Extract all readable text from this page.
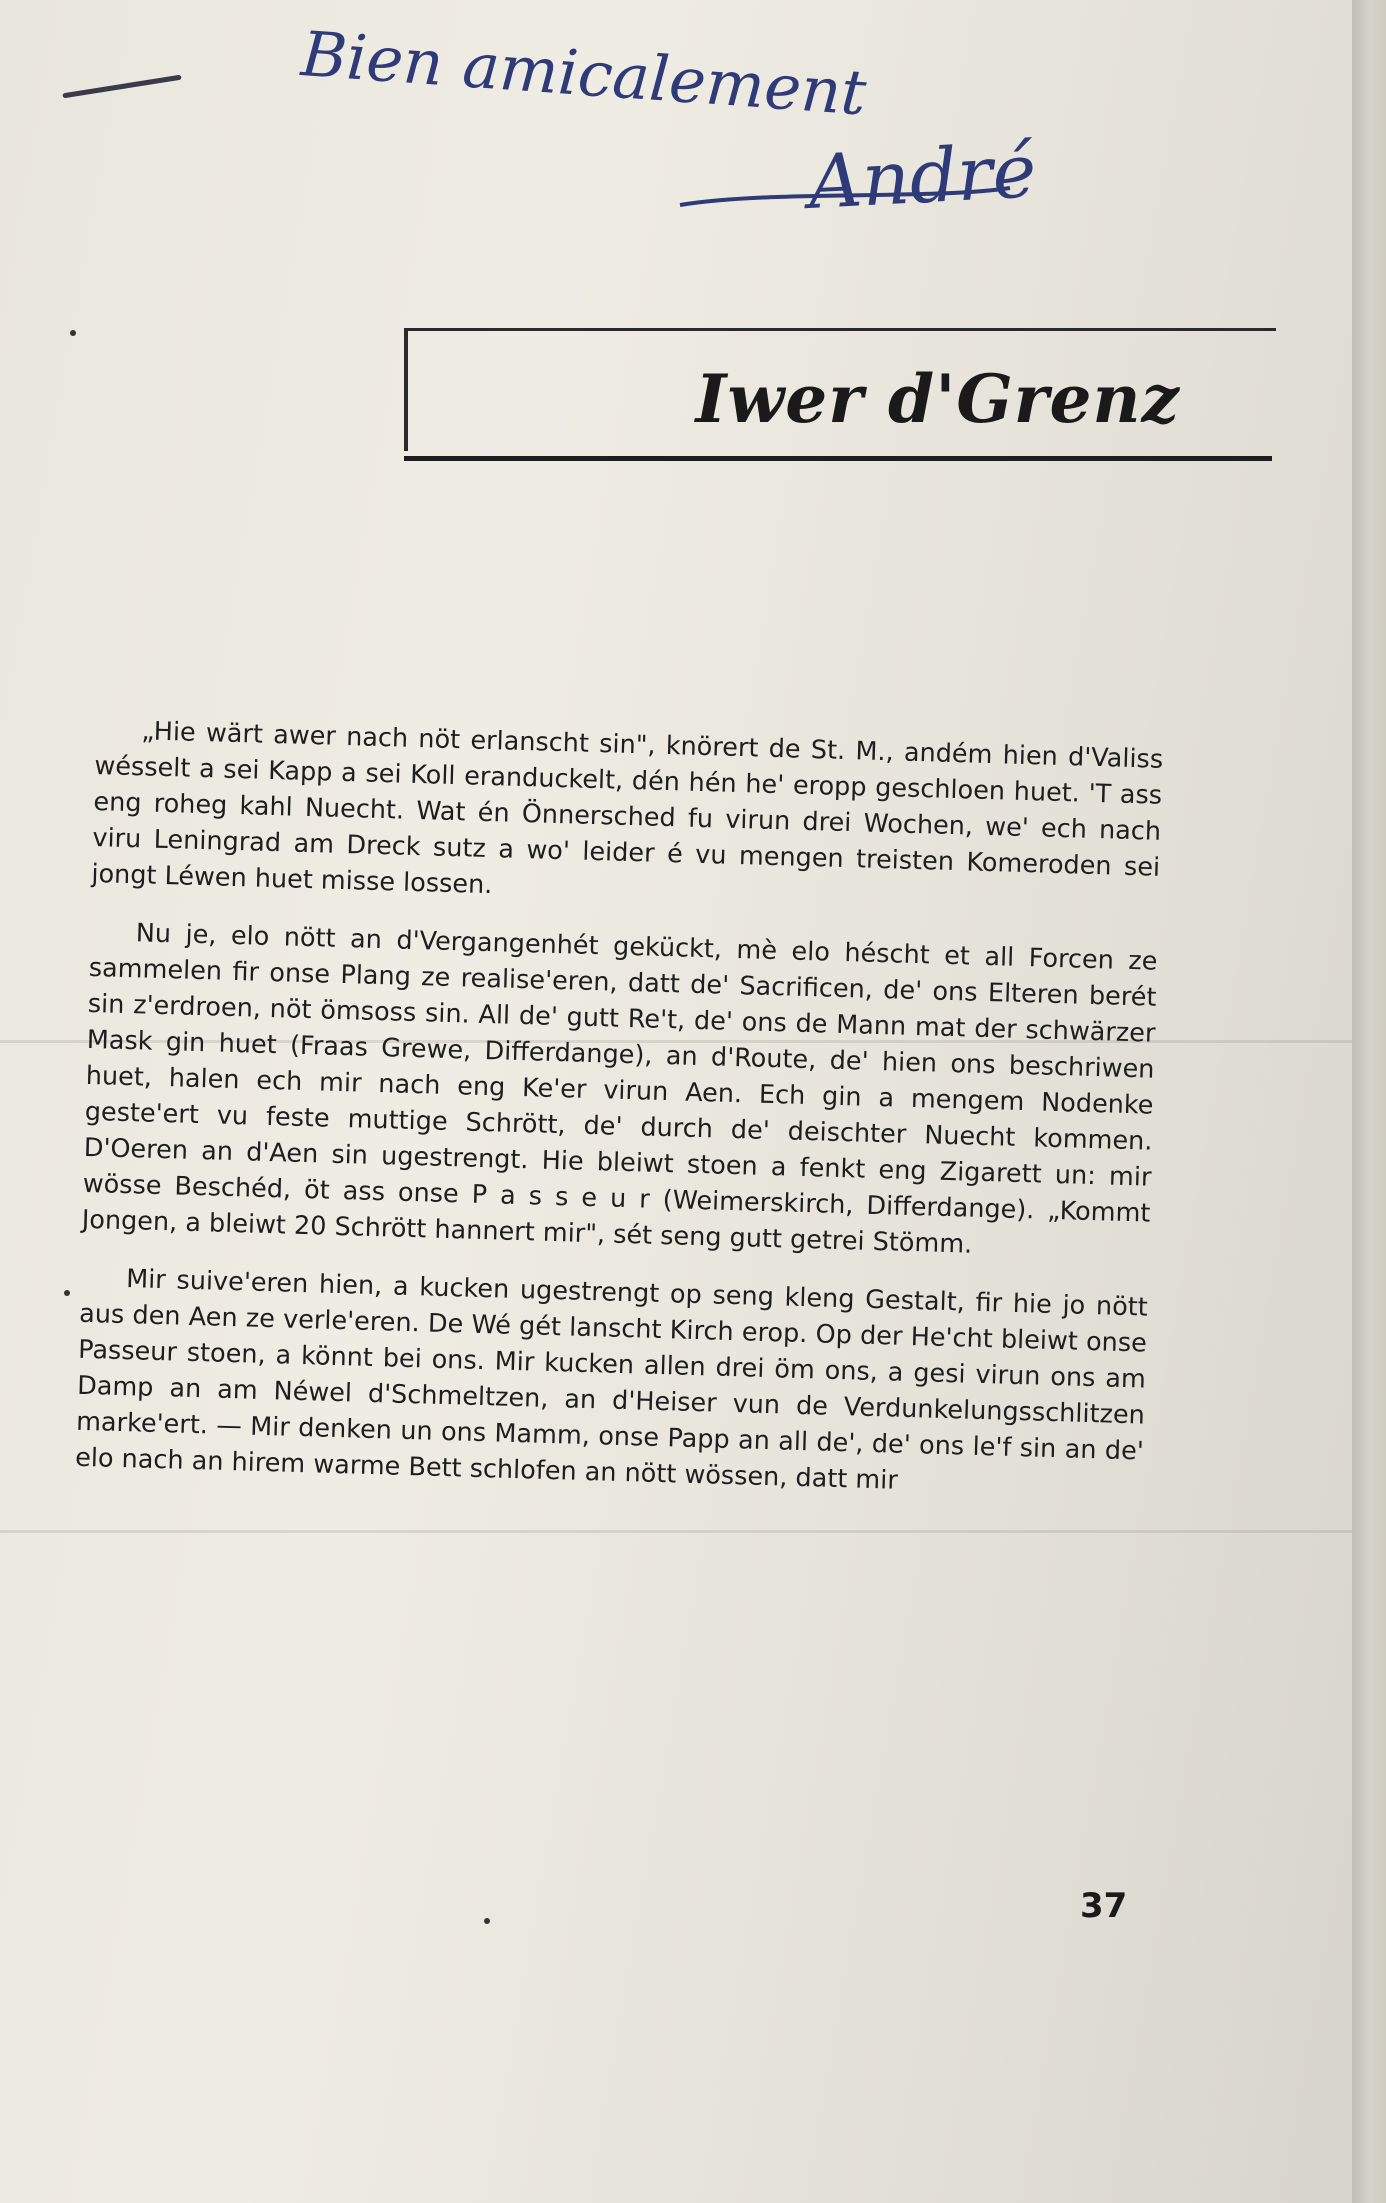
Bien amicalement
André
Iwer d'Grenz

„Hie wärt awer nach nöt erlanscht sin", knörert de St. M., andém hien d'Valiss wésselt a sei Kapp a sei Koll eranduckelt, dén hén he' eropp geschloen huet. 'T ass eng roheg kahl Nuecht. Wat én Önnersched fu virun drei Wochen, we' ech nach viru Leningrad am Dreck sutz a wo' leider é vu mengen treisten Komeroden sei jongt Léwen huet misse lossen.

Nu je, elo nött an d'Vergangenhét gekückt, mè elo héscht et all Forcen ze sammelen fir onse Plang ze realise'eren, datt de' Sacrificen, de' ons Elteren berét sin z'erdroen, nöt ömsoss sin. All de' gutt Re't, de' ons de Mann mat der schwärzer Mask gin huet (Fraas Grewe, Differdange), an d'Route, de' hien ons beschriwen huet, halen ech mir nach eng Ke'er virun Aen. Ech gin a mengem Nodenke geste'ert vu feste muttige Schrött, de' durch de' deischter Nuecht kommen. D'Oeren an d'Aen sin ugestrengt. Hie bleiwt stoen a fenkt eng Zigarett un: mir wösse Beschéd, öt ass onse P a s s e u r (Weimerskirch, Differdange). „Kommt Jongen, a bleiwt 20 Schrött hannert mir", sét seng gutt getrei Stömm.

Mir suive'eren hien, a kucken ugestrengt op seng kleng Gestalt, fir hie jo nött aus den Aen ze verle'eren. De Wé gét lanscht Kirch erop. Op der He'cht bleiwt onse Passeur stoen, a könnt bei ons. Mir kucken allen drei öm ons, a gesi virun ons am Damp an am Néwel d'Schmeltzen, an d'Heiser vun de Verdunkelungsschlitzen marke'ert. — Mir denken un ons Mamm, onse Papp an all de', de' ons le'f sin an de' elo nach an hirem warme Bett schlofen an nött wössen, datt mir

37
